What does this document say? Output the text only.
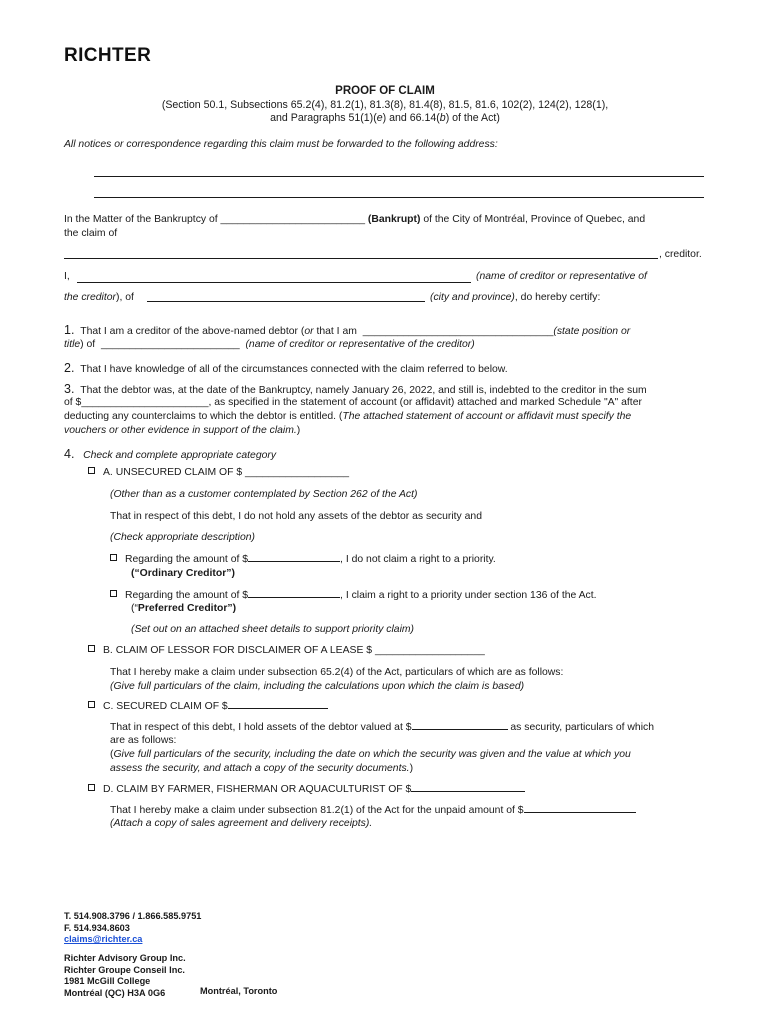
RICHTER
PROOF OF CLAIM
(Section 50.1, Subsections 65.2(4), 81.2(1), 81.3(8), 81.4(8), 81.5, 81.6, 102(2), 124(2), 128(1),
and Paragraphs 51(1)(e) and 66.14(b) of the Act)
All notices or correspondence regarding this claim must be forwarded to the following address:
In the Matter of the Bankruptcy of _________________________ (Bankrupt) of the City of Montréal, Province of Quebec, and
the claim of
, creditor.
I,	(name of creditor or representative of
the creditor), of	(city and province), do hereby certify:
1. That I am a creditor of the above-named debtor (or that I am _________________________________(state position or
title) of ________________________ (name of creditor or representative of the creditor)
2. That I have knowledge of all of the circumstances connected with the claim referred to below.
3. That the debtor was, at the date of the Bankruptcy, namely January 26, 2022, and still is, indebted to the creditor in the sum
of $______________________, as specified in the statement of account (or affidavit) attached and marked Schedule "A" after
deducting any counterclaims to which the debtor is entitled. (The attached statement of account or affidavit must specify the
vouchers or other evidence in support of the claim.)
4. Check and complete appropriate category
A. UNSECURED CLAIM OF $ __________________
(Other than as a customer contemplated by Section 262 of the Act)
That in respect of this debt, I do not hold any assets of the debtor as security and
(Check appropriate description)
Regarding the amount of $	, I do not claim a right to a priority.
(“Ordinary Creditor”)
Regarding the amount of $	, I claim a right to a priority under section 136 of the Act.
(“Preferred Creditor”)
(Set out on an attached sheet details to support priority claim)
B. CLAIM OF LESSOR FOR DISCLAIMER OF A LEASE $ ___________________
That I hereby make a claim under subsection 65.2(4) of the Act, particulars of which are as follows:
(Give full particulars of the claim, including the calculations upon which the claim is based)
C. SECURED CLAIM OF $
That in respect of this debt, I hold assets of the debtor valued at $	as security, particulars of which
are as follows:
(Give full particulars of the security, including the date on which the security was given and the value at which you
assess the security, and attach a copy of the security documents.)
D. CLAIM BY FARMER, FISHERMAN OR AQUACULTURIST OF $
That I hereby make a claim under subsection 81.2(1) of the Act for the unpaid amount of $
(Attach a copy of sales agreement and delivery receipts).
T. 514.908.3796 / 1.866.585.9751
F. 514.934.8603
claims@richter.ca
Richter Advisory Group Inc.
Richter Groupe Conseil Inc.
1981 McGill College
Montréal (QC) H3A 0G6	Montréal, Toronto
